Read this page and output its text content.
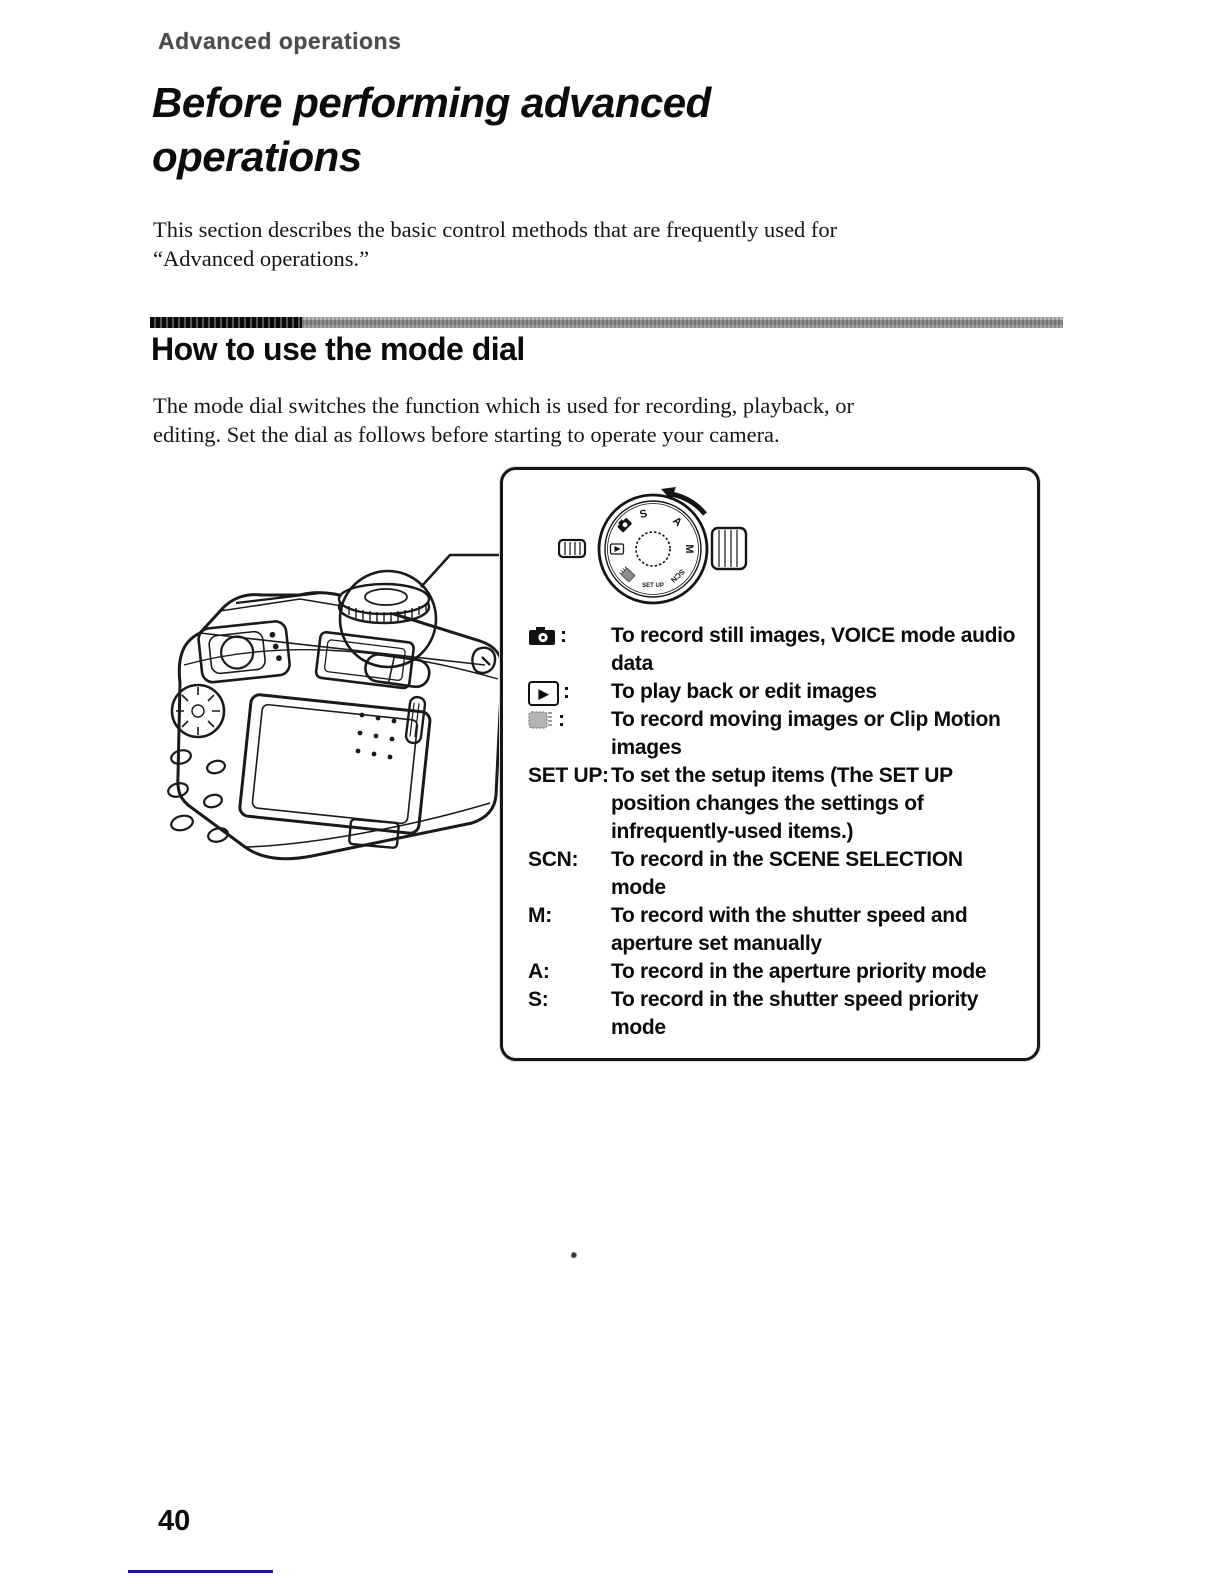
Advanced operations
Before performing advanced operations

This section describes the basic control methods that are frequently used for
“Advanced operations.”

How to use the mode dial

The mode dial switches the function which is used for recording, playback, or
editing. Set the dial as follows before starting to operate your camera.

S
A
M
SCN
SET UP
: To record still images, VOICE mode audio data
▶ : To play back or edit images
: To record moving images or Clip Motion images
SET UP: To set the setup items (The SET UP position changes the settings of infrequently-used items.)
SCN:	To record in the SCENE SELECTION mode
M:	To record with the shutter speed and aperture set manually
A:	To record in the aperture priority mode
S:	To record in the shutter speed priority mode
40
